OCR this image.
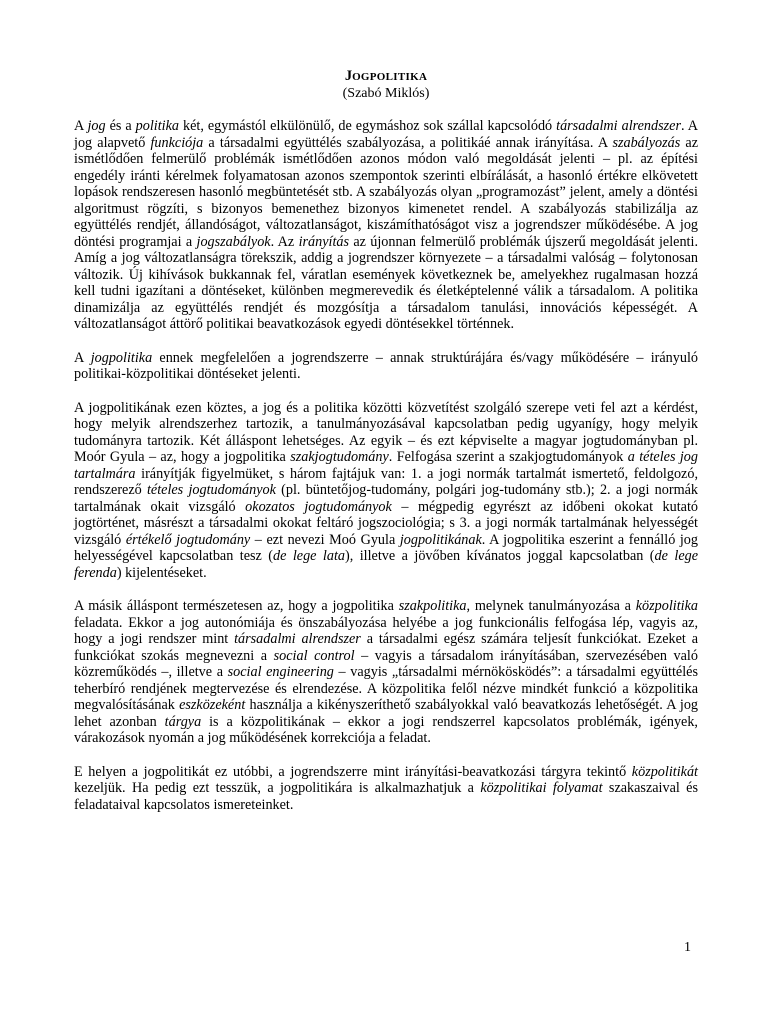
JOGPOLITIKA

(Szabó Miklós)

A jog és a politika két, egymástól elkülönülő, de egymáshoz sok szállal kapcsolódó társadalmi alrendszer. A jog alapvető funkciója a társadalmi együttélés szabályozása, a politikáé annak irányítása. A szabályozás az ismétlődően felmerülő problémák ismétlődően azonos módon való megoldását jelenti – pl. az építési engedély iránti kérelmek folyamatosan azonos szempontok szerinti elbírálását, a hasonló értékre elkövetett lopások rendszeresen hasonló megbüntetését stb. A szabályozás olyan „programozást” jelent, amely a döntési algoritmust rögzíti, s bizonyos bemenethez bizonyos kimenetet rendel. A szabályozás stabilizálja az együttélés rendjét, állandóságot, változatlanságot, kiszámíthatóságot visz a jogrendszer működésébe. A jog döntési programjai a jogszabályok. Az irányítás az újonnan felmerülő problémák újszerű megoldását jelenti. Amíg a jog változatlanságra törekszik, addig a jogrendszer környezete – a társadalmi valóság – folytonosan változik. Új kihívások bukkannak fel, váratlan események következnek be, amelyekhez rugalmasan hozzá kell tudni igazítani a döntéseket, különben megmerevedik és életképtelenné válik a társadalom. A politika dinamizálja az együttélés rendjét és mozgósítja a társadalom tanulási, innovációs képességét. A változatlanságot áttörő politikai beavatkozások egyedi döntésekkel történnek.

A jogpolitika ennek megfelelően a jogrendszerre – annak struktúrájára és/vagy működésére – irányuló politikai-közpolitikai döntéseket jelenti.

A jogpolitikának ezen köztes, a jog és a politika közötti közvetítést szolgáló szerepe veti fel azt a kérdést, hogy melyik alrendszerhez tartozik, a tanulmányozásával kapcsolatban pedig ugyanígy, hogy melyik tudományra tartozik. Két álláspont lehetséges. Az egyik – és ezt képviselte a magyar jogtudományban pl. Moór Gyula – az, hogy a jogpolitika szakjogtudomány. Felfogása szerint a szakjogtudományok a tételes jog tartalmára irányítják figyelmüket, s három fajtájuk van: 1. a jogi normák tartalmát ismertető, feldolgozó, rendszerező tételes jogtudományok (pl. büntetőjog-tudomány, polgári jog-tudomány stb.); 2. a jogi normák tartalmának okait vizsgáló okozatos jogtudományok – mégpedig egyrészt az időbeni okokat kutató jogtörténet, másrészt a társadalmi okokat feltáró jogszociológia; s 3. a jogi normák tartalmának helyességét vizsgáló értékelő jogtudomány – ezt nevezi Moó Gyula jogpolitikának. A jogpolitika eszerint a fennálló jog helyességével kapcsolatban tesz (de lege lata), illetve a jövőben kívánatos joggal kapcsolatban (de lege ferenda) kijelentéseket.

A másik álláspont természetesen az, hogy a jogpolitika szakpolitika, melynek tanulmányozása a közpolitika feladata. Ekkor a jog autonómiája és önszabályozása helyébe a jog funkcionális felfogása lép, vagyis az, hogy a jogi rendszer mint társadalmi alrendszer a társadalmi egész számára teljesít funkciókat. Ezeket a funkciókat szokás megnevezni a social control – vagyis a társadalom irányításában, szervezésében való közreműködés –, illetve a social engineering – vagyis „társadalmi mérnökösködés”: a társadalmi együttélés teherbíró rendjének megtervezése és elrendezése. A közpolitika felől nézve mindkét funkció a közpolitika megvalósításának eszközeként használja a kikényszeríthető szabályokkal való beavatkozás lehetőségét. A jog lehet azonban tárgya is a közpolitikának – ekkor a jogi rendszerrel kapcsolatos problémák, igények, várakozások nyomán a jog működésének korrekciója a feladat.

E helyen a jogpolitikát ez utóbbi, a jogrendszerre mint irányítási-beavatkozási tárgyra tekintő közpolitikát kezeljük. Ha pedig ezt tesszük, a jogpolitikára is alkalmazhatjuk a közpolitikai folyamat szakaszaival és feladataival kapcsolatos ismereteinket.

1
